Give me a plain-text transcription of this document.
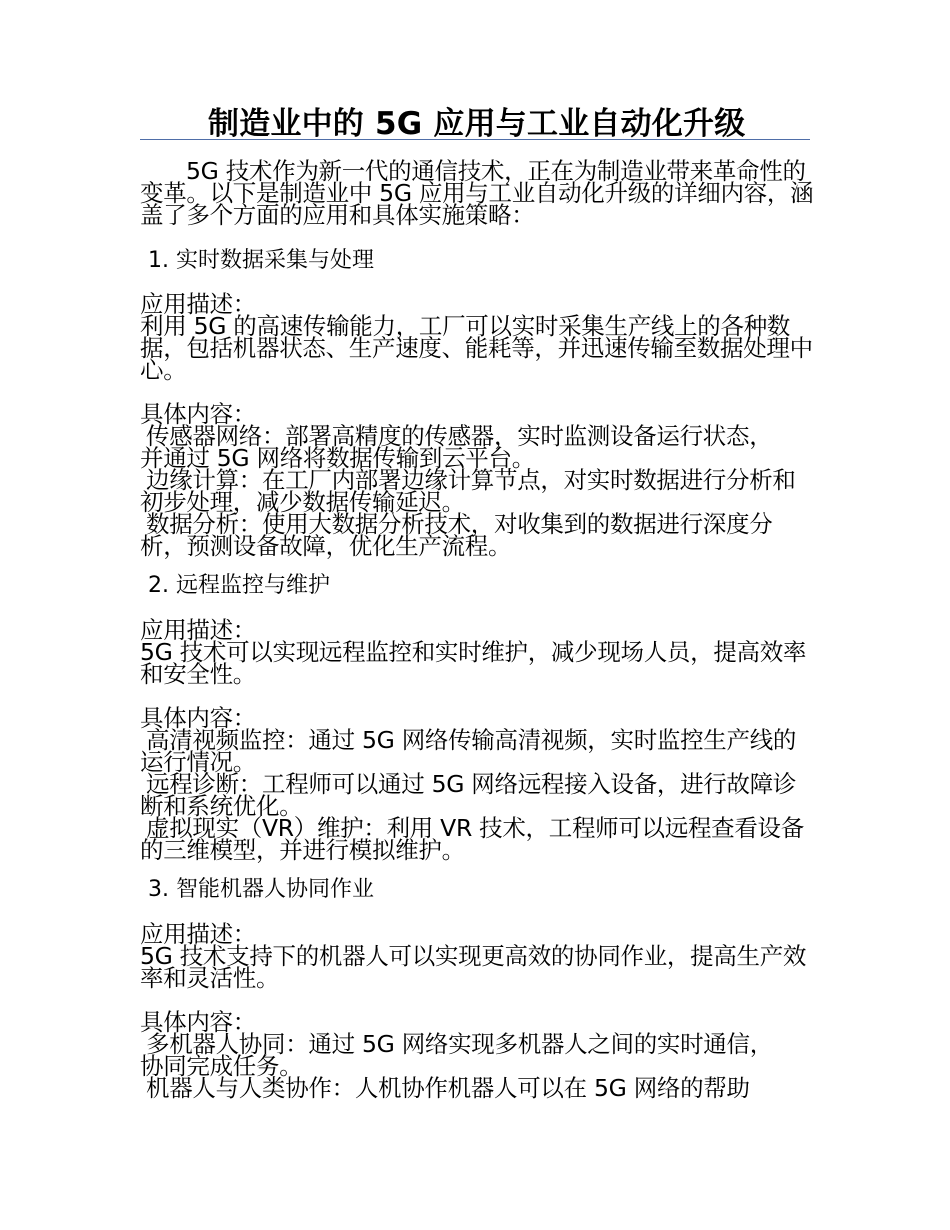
制造业中的 5G 应用与工业自动化升级

5G 技术作为新一代的通信技术，正在为制造业带来革命性的变革。以下是制造业中 5G 应用与工业自动化升级的详细内容，涵盖了多个方面的应用和具体实施策略：

1. 实时数据采集与处理

应用描述：

利用 5G 的高速传输能力，工厂可以实时采集生产线上的各种数据，包括机器状态、生产速度、能耗等，并迅速传输至数据处理中心。

具体内容：

传感器网络：部署高精度的传感器，实时监测设备运行状态，并通过 5G 网络将数据传输到云平台。

边缘计算：在工厂内部署边缘计算节点，对实时数据进行分析和初步处理，减少数据传输延迟。

数据分析：使用大数据分析技术，对收集到的数据进行深度分析，预测设备故障，优化生产流程。

2. 远程监控与维护

应用描述：

5G 技术可以实现远程监控和实时维护，减少现场人员，提高效率和安全性。

具体内容：

高清视频监控：通过 5G 网络传输高清视频，实时监控生产线的运行情况。

远程诊断：工程师可以通过 5G 网络远程接入设备，进行故障诊断和系统优化。

虚拟现实（VR）维护：利用 VR 技术，工程师可以远程查看设备的三维模型，并进行模拟维护。

3. 智能机器人协同作业

应用描述：

5G 技术支持下的机器人可以实现更高效的协同作业，提高生产效率和灵活性。

具体内容：

多机器人协同：通过 5G 网络实现多机器人之间的实时通信，协同完成任务。

机器人与人类协作：人机协作机器人可以在 5G 网络的帮助
